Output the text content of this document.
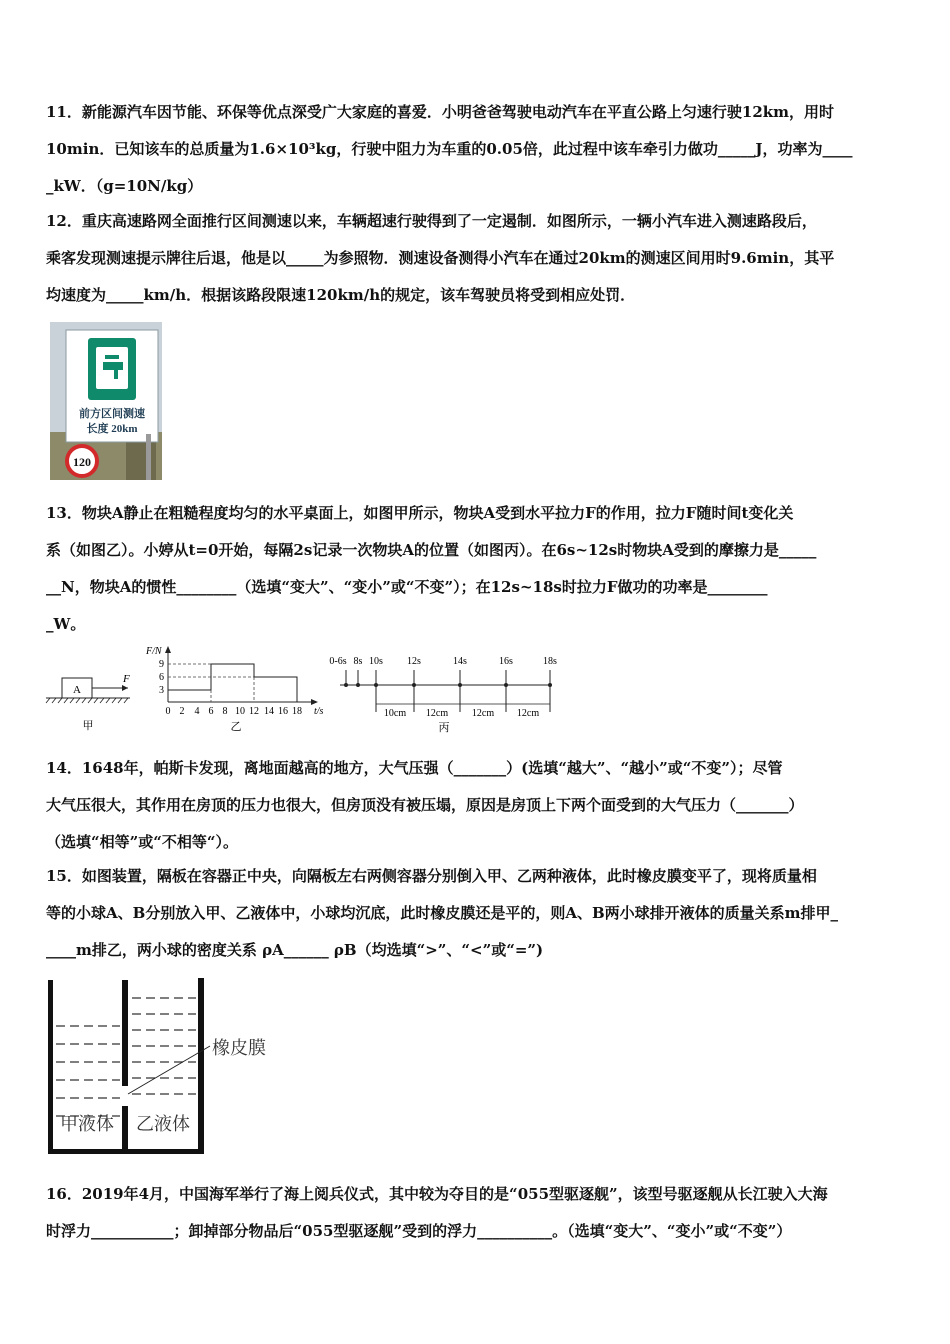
11．新能源汽车因节能、环保等优点深受广大家庭的喜爱．小明爸爸驾驶电动汽车在平直公路上匀速行驶12km，用时
10min．已知该车的总质量为1.6×10³kg，行驶中阻力为车重的0.05倍，此过程中该车牵引力做功_____J，功率为____
_kW．（g=10N/kg）
12．重庆高速路网全面推行区间测速以来，车辆超速行驶得到了一定遏制．如图所示，一辆小汽车进入测速路段后，
乘客发现测速提示牌往后退，他是以_____为参照物．测速设备测得小汽车在通过20km的测速区间用时9.6min，其平
均速度为_____km/h．根据该路段限速120km/h的规定，该车驾驶员将受到相应处罚．
前方区间测速
长度 20km
120
13．物块A静止在粗糙程度均匀的水平桌面上，如图甲所示，物块A受到水平拉力F的作用，拉力F随时间t变化关
系（如图乙）。小婷从t=0开始，每隔2s记录一次物块A的位置（如图丙）。在6s~12s时物块A受到的摩擦力是_____
__N，物块A的惯性________（选填“变大”、“变小”或“不变”）；在12s~18s时拉力F做功的功率是________
_W。
A
F
甲
F/N
9
6
3
0 2 4 6 8 10 12 14 16 18 t/s
乙
0-6s 8s 10s 12s	14s	16s	18s
10cm 12cm 12cm 12cm
丙
14．1648年，帕斯卡发现，离地面越高的地方，大气压强（_______）(选填“越大”、“越小”或“不变”）；尽管
大气压很大，其作用在房顶的压力也很大，但房顶没有被压塌，原因是房顶上下两个面受到的大气压力（_______）
（选填“相等”或“不相等“）。
15．如图装置，隔板在容器正中央，向隔板左右两侧容器分别倒入甲、乙两种液体，此时橡皮膜变平了，现将质量相
等的小球A、B分别放入甲、乙液体中，小球均沉底，此时橡皮膜还是平的，则A、B两小球排开液体的质量关系m排甲_
____m排乙，两小球的密度关系 ρA______ ρB（均选填“>”、“<”或“=”)
橡皮膜
甲液体 乙液体
16．2019年4月，中国海军举行了海上阅兵仪式，其中较为夺目的是“055型驱逐舰”，该型号驱逐舰从长江驶入大海
时浮力___________；卸掉部分物品后“055型驱逐舰”受到的浮力__________。（选填“变大”、“变小”或“不变”）
